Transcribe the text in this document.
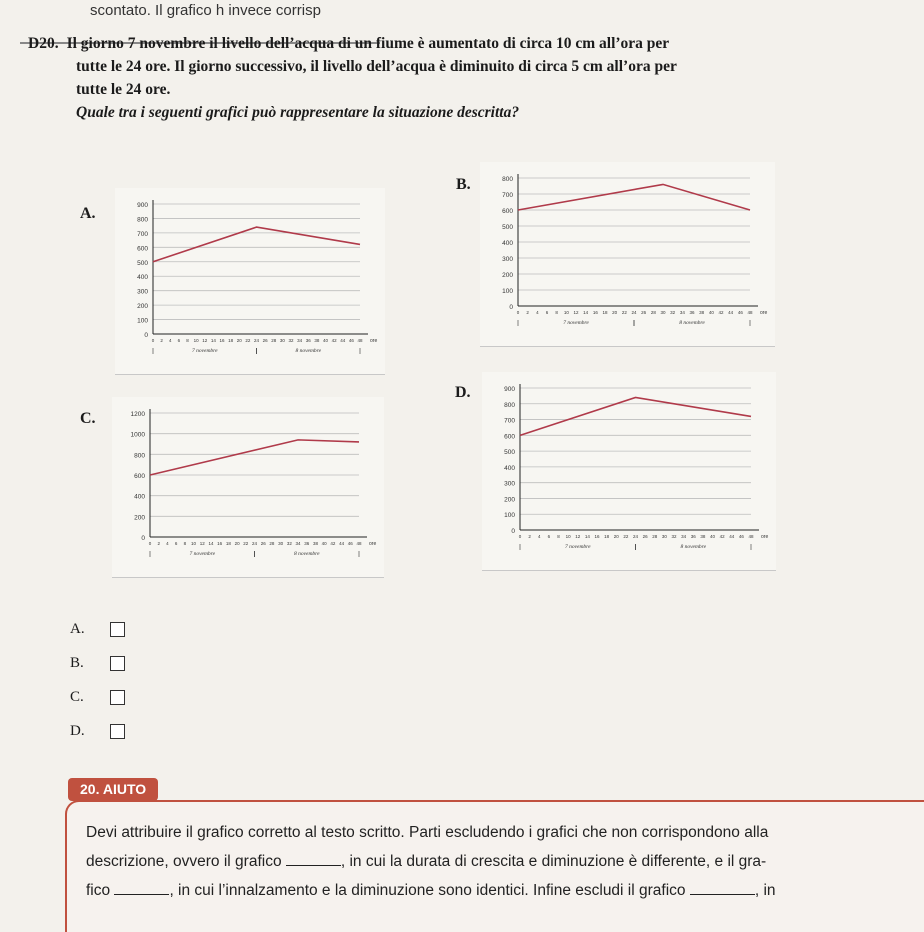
scontato. Il grafico h invece corrisp
D20. Il giorno 7 novembre il livello dell’acqua di un fiume è aumentato di circa 10 cm all’ora per
tutte le 24 ore. Il giorno successivo, il livello dell’acqua è diminuito di circa 5 cm all’ora per
tutte le 24 ore.
Quale tra i seguenti grafici può rappresentare la situazione descritta?
A.
B.
C.
D.
0
100
200
300
400
500
600
700
800
900
0 2 4 6 8 10 12 14 16 18 20 22 24 26 28 30 32 34 36 38 40 42 44 46 48 ore
7 novembre	8 novembre
0
100
200
300
400
500
600
700
800
0 2 4 6 8 10 12 14 16 18 20 22 24 26 28 30 32 34 36 38 40 42 44 46 48 ore
7 novembre	8 novembre
0
200
400
600
800
1000
1200
0 2 4 6 8 10 12 14 16 18 20 22 24 26 28 30 32 34 36 38 40 42 44 46 48 ore
7 novembre	8 novembre
0
100
200
300
400
500
600
700
800
900
0 2 4 6 8 10 12 14 16 18 20 22 24 26 28 30 32 34 36 38 40 42 44 46 48 ore
7 novembre	8 novembre
A.
B.
C.
D.
20. AIUTO
Devi attribuire il grafico corretto al testo scritto. Parti escludendo i grafici che non corrispondono alla
descrizione, ovvero il grafico	, in cui la durata di crescita e diminuzione è differente, e il gra-
fico	, in cui l’innalzamento e la diminuzione sono identici. Infine escludi il grafico	, in
